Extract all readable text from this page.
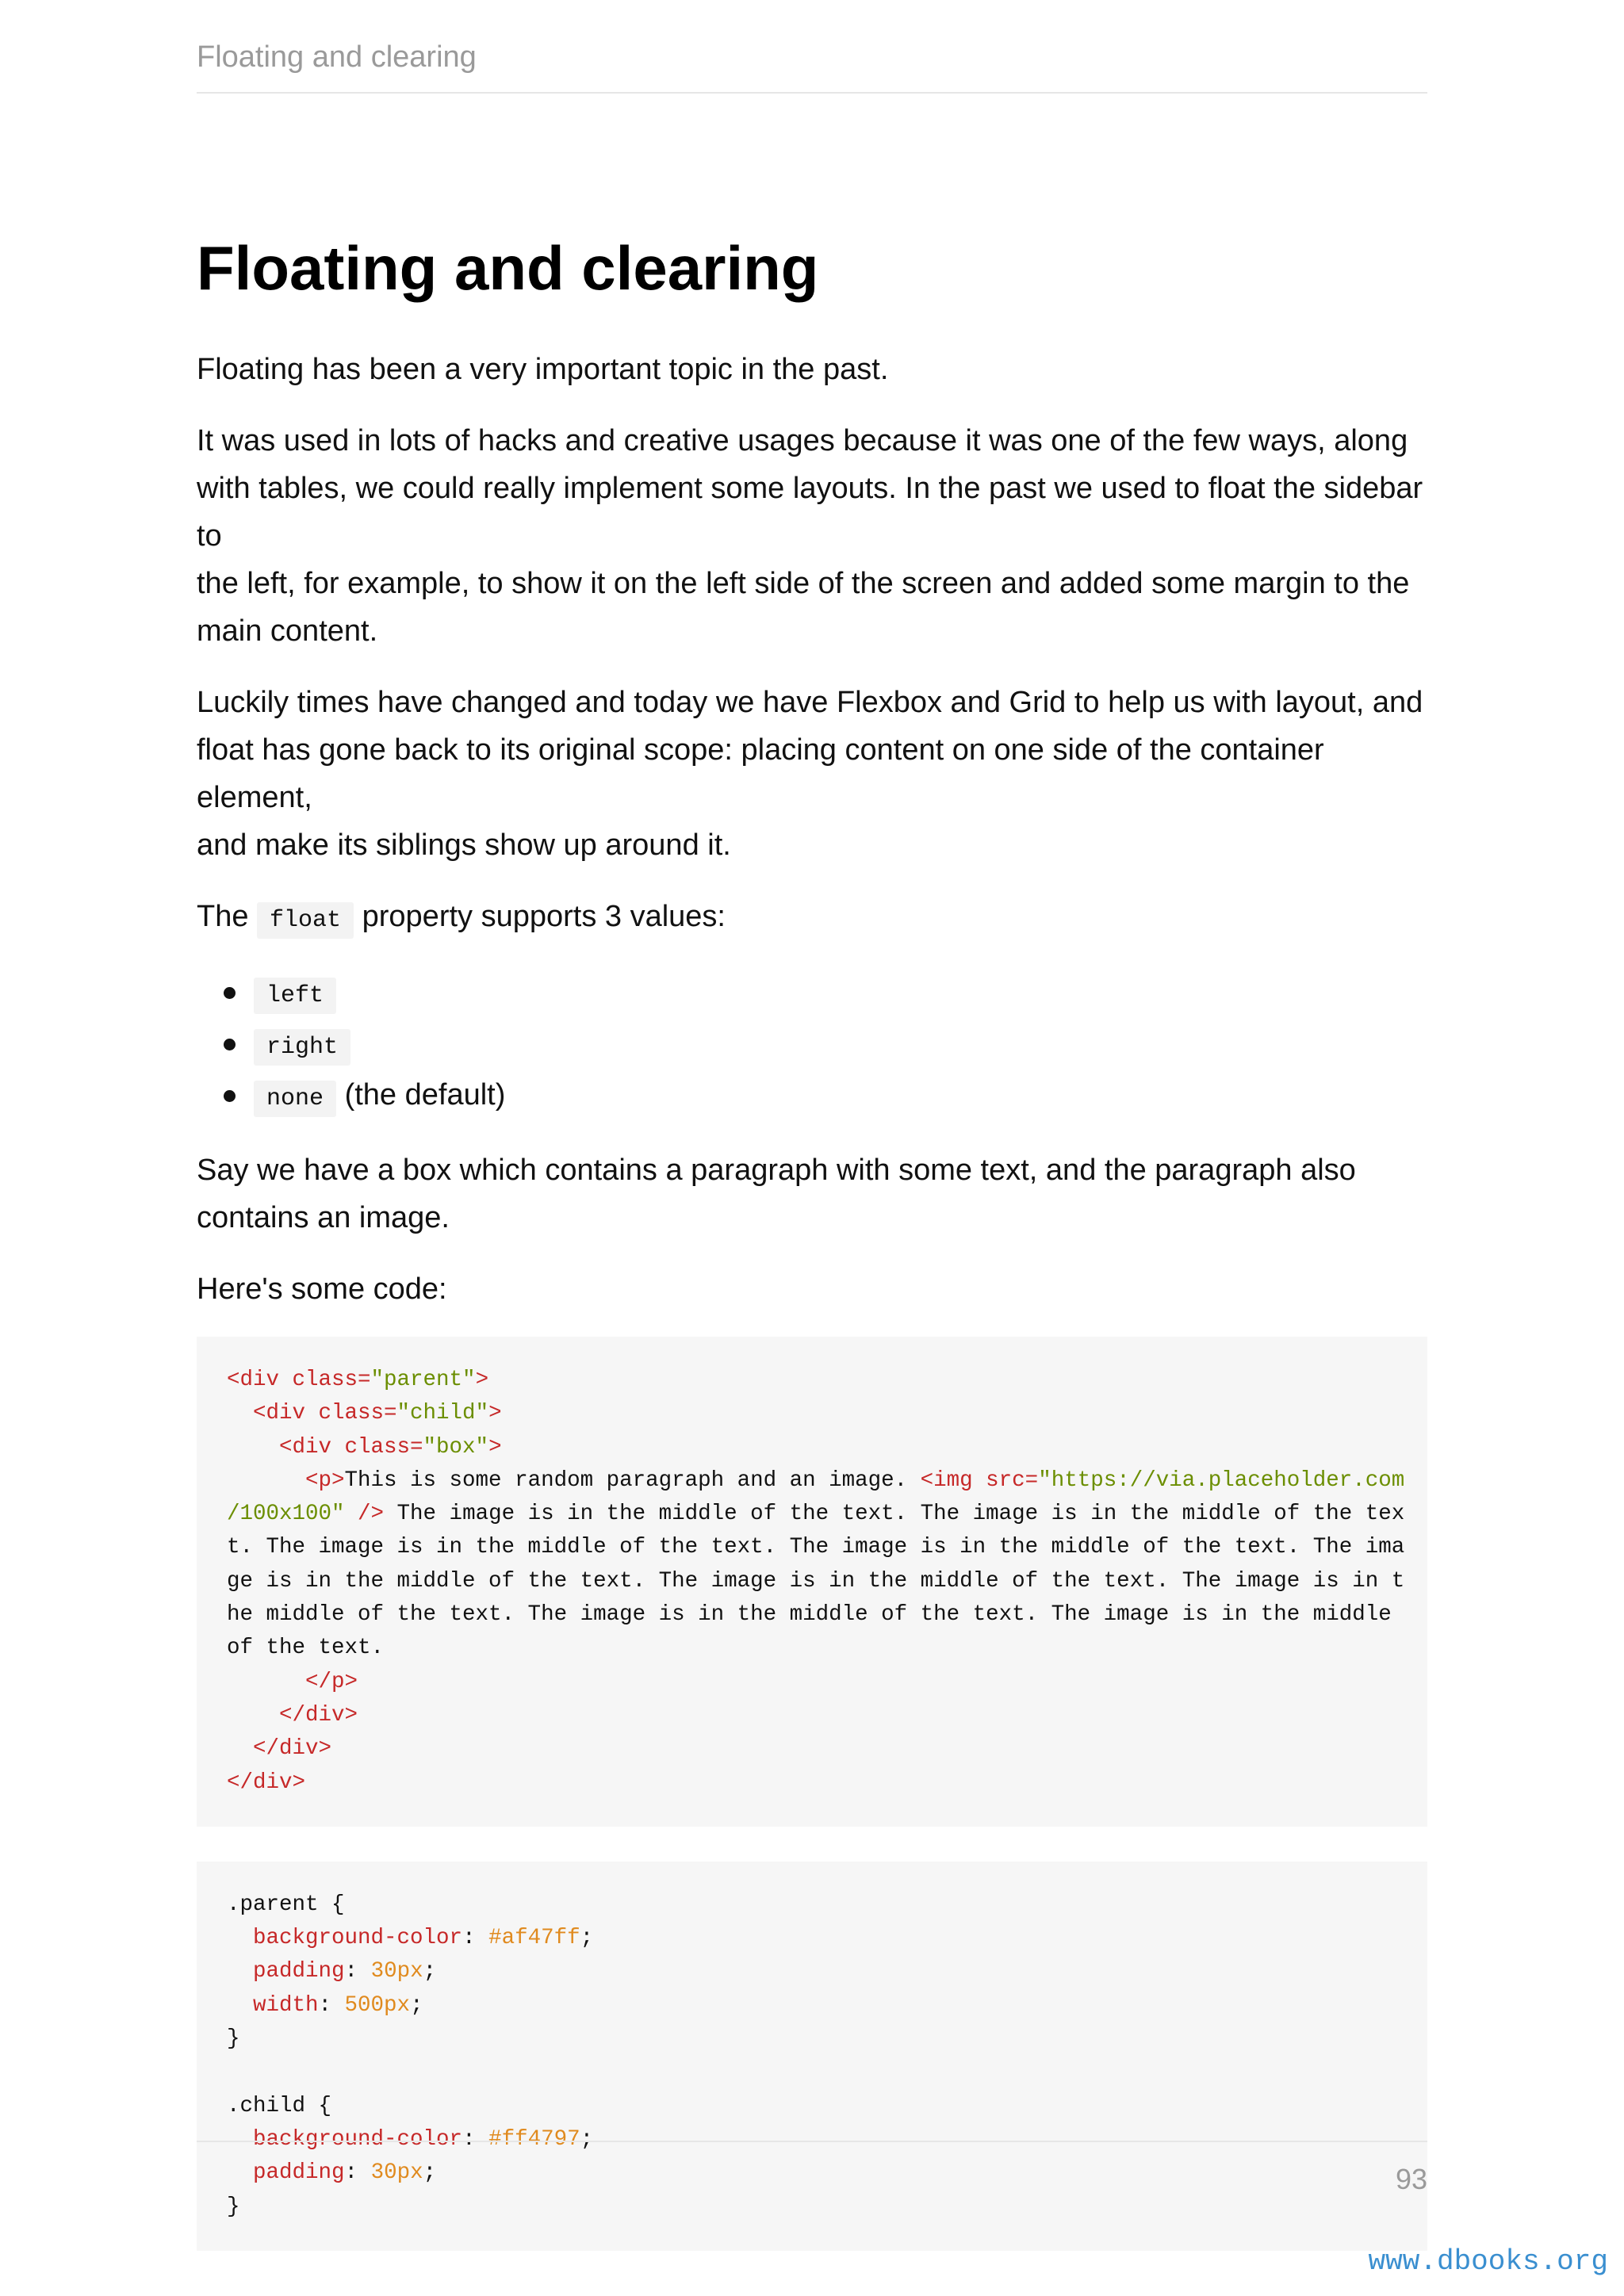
Floating and clearing
Floating and clearing

Floating has been a very important topic in the past.

It was used in lots of hacks and creative usages because it was one of the few ways, along
with tables, we could really implement some layouts. In the past we used to float the sidebar to
the left, for example, to show it on the left side of the screen and added some margin to the
main content.

Luckily times have changed and today we have Flexbox and Grid to help us with layout, and
float has gone back to its original scope: placing content on one side of the container element,
and make its siblings show up around it.

The float property supports 3 values:

left
right
none (the default)

Say we have a box which contains a paragraph with some text, and the paragraph also
contains an image.

Here's some code:

<div class="parent">
<div class="child">
<div class="box">
<p>This is some random paragraph and an image. <img src="https://via.placeholder.com
/100x100" /> The image is in the middle of the text. The image is in the middle of the tex
t. The image is in the middle of the text. The image is in the middle of the text. The ima
ge is in the middle of the text. The image is in the middle of the text. The image is in t
he middle of the text. The image is in the middle of the text. The image is in the middle
of the text.
</p>
</div>
</div>
</div>
.parent {
background-color: #af47ff;
padding: 30px;
width: 500px;
}

.child {
background-color: #ff4797;
padding: 30px;
}
93
www.dbooks.org
